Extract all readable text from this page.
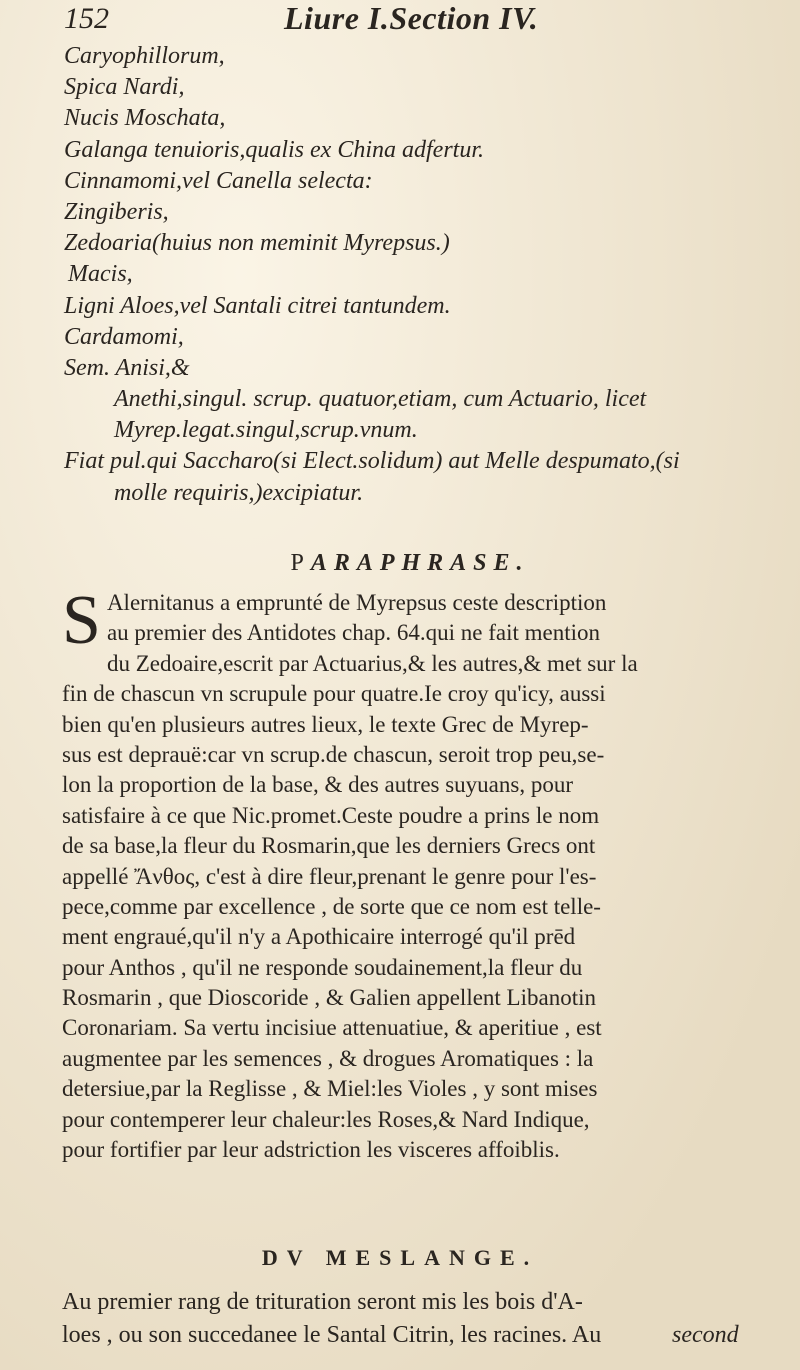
152	Liure I.Section IV.
Caryophillorum,
Spica Nardi,
Nucis Moschata,
Galanga tenuioris,qualis ex China adfertur.
Cinnamomi,vel Canella selecta:
Zingiberis,
Zedoaria(huius non meminit Myrepsus.)
Macis,
Ligni Aloes,vel Santali citrei tantundem.
Cardamomi,
Sem. Anisi,&
Anethi,singul. scrup. quatuor,etiam, cum Actuario, licet
Myrep.legat.singul,scrup.vnum.
Fiat pul.qui Saccharo(si Elect.solidum) aut Melle despumato,(si
molle requiris,)excipiatur.
PARAPHRASE.
S Alernitanus a emprunté de Myrepsus ceste description
au premier des Antidotes chap. 64.qui ne fait mention
du Zedoaire,escrit par Actuarius,& les autres,& met sur la
fin de chascun vn scrupule pour quatre.Ie croy qu'icy, aussi
bien qu'en plusieurs autres lieux, le texte Grec de Myrep-
sus est deprauë:car vn scrup.de chascun, seroit trop peu,se-
lon la proportion de la base, & des autres suyuans, pour
satisfaire à ce que Nic.promet.Ceste poudre a prins le nom
de sa base,la fleur du Rosmarin,que les derniers Grecs ont
appellé Ἄνθος, c'est à dire fleur,prenant le genre pour l'es-
pece,comme par excellence , de sorte que ce nom est telle-
ment engraué,qu'il n'y a Apothicaire interrogé qu'il prēd
pour Anthos , qu'il ne responde soudainement,la fleur du
Rosmarin , que Dioscoride , & Galien appellent Libanotin
Coronariam. Sa vertu incisiue attenuatiue, & aperitiue , est
augmentee par les semences , & drogues Aromatiques : la
detersiue,par la Reglisse , & Miel:les Violes , y sont mises
pour contemperer leur chaleur:les Roses,& Nard Indique,
pour fortifier par leur adstriction les visceres affoiblis.
DV MESLANGE.
Au premier rang de trituration seront mis les bois d'A-
loes , ou son succedanee le Santal Citrin, les racines. Au	second
